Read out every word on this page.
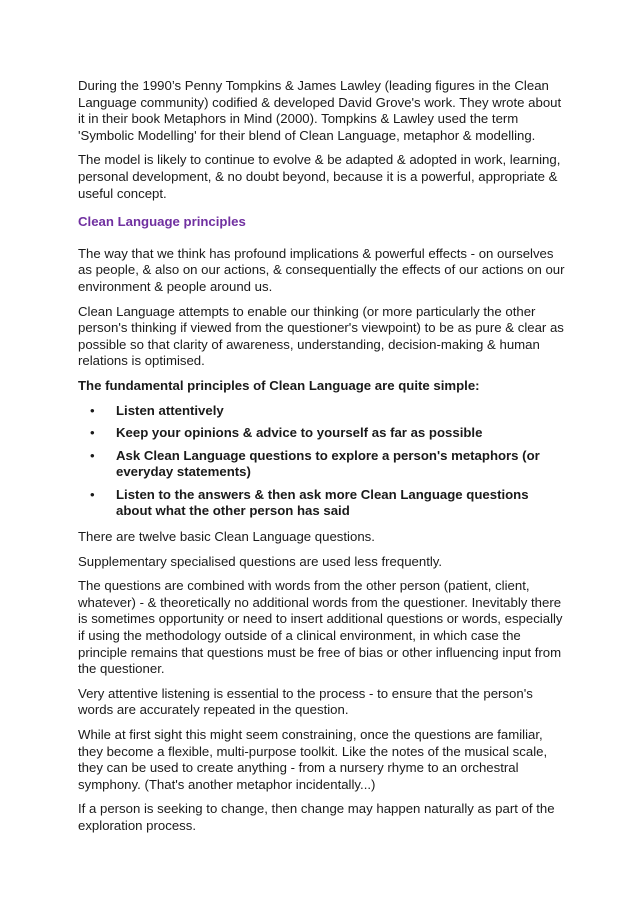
During the 1990’s Penny Tompkins & James Lawley (leading figures in the Clean Language community) codified & developed David Grove's work. They wrote about it in their book Metaphors in Mind (2000). Tompkins & Lawley used the term 'Symbolic Modelling' for their blend of Clean Language, metaphor & modelling.

The model is likely to continue to evolve & be adapted & adopted in work, learning, personal development, & no doubt beyond, because it is a powerful, appropriate & useful concept.

Clean Language principles

The way that we think has profound implications & powerful effects - on ourselves as people, & also on our actions, & consequentially the effects of our actions on our environment & people around us.

Clean Language attempts to enable our thinking (or more particularly the other person's thinking if viewed from the questioner's viewpoint) to be as pure & clear as possible so that clarity of awareness, understanding, decision-making & human relations is optimised.

The fundamental principles of Clean Language are quite simple:

• Listen attentively
• Keep your opinions & advice to yourself as far as possible
• Ask Clean Language questions to explore a person's metaphors (or everyday statements)
• Listen to the answers & then ask more Clean Language questions about what the other person has said

There are twelve basic Clean Language questions.

Supplementary specialised questions are used less frequently.

The questions are combined with words from the other person (patient, client, whatever) - & theoretically no additional words from the questioner. Inevitably there is sometimes opportunity or need to insert additional questions or words, especially if using the methodology outside of a clinical environment, in which case the principle remains that questions must be free of bias or other influencing input from the questioner.

Very attentive listening is essential to the process - to ensure that the person's words are accurately repeated in the question.

While at first sight this might seem constraining, once the questions are familiar, they become a flexible, multi-purpose toolkit. Like the notes of the musical scale, they can be used to create anything - from a nursery rhyme to an orchestral symphony. (That's another metaphor incidentally...)

If a person is seeking to change, then change may happen naturally as part of the exploration process.
